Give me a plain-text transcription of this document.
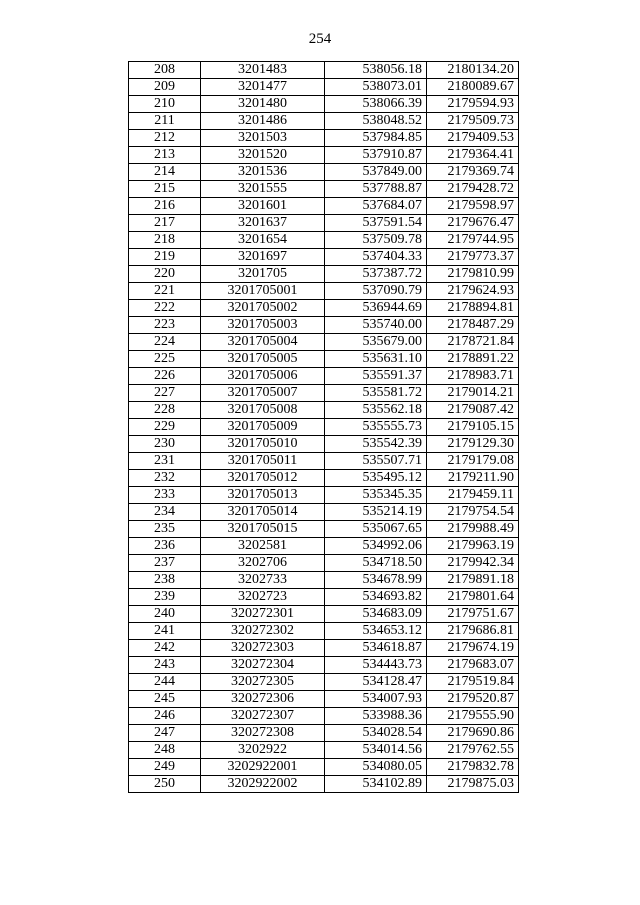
254
208	3201483	538056.18	2180134.20
209	3201477	538073.01	2180089.67
210	3201480	538066.39	2179594.93
211	3201486	538048.52	2179509.73
212	3201503	537984.85	2179409.53
213	3201520	537910.87	2179364.41
214	3201536	537849.00	2179369.74
215	3201555	537788.87	2179428.72
216	3201601	537684.07	2179598.97
217	3201637	537591.54	2179676.47
218	3201654	537509.78	2179744.95
219	3201697	537404.33	2179773.37
220	3201705	537387.72	2179810.99
221	3201705001	537090.79	2179624.93
222	3201705002	536944.69	2178894.81
223	3201705003	535740.00	2178487.29
224	3201705004	535679.00	2178721.84
225	3201705005	535631.10	2178891.22
226	3201705006	535591.37	2178983.71
227	3201705007	535581.72	2179014.21
228	3201705008	535562.18	2179087.42
229	3201705009	535555.73	2179105.15
230	3201705010	535542.39	2179129.30
231	3201705011	535507.71	2179179.08
232	3201705012	535495.12	2179211.90
233	3201705013	535345.35	2179459.11
234	3201705014	535214.19	2179754.54
235	3201705015	535067.65	2179988.49
236	3202581	534992.06	2179963.19
237	3202706	534718.50	2179942.34
238	3202733	534678.99	2179891.18
239	3202723	534693.82	2179801.64
240	320272301	534683.09	2179751.67
241	320272302	534653.12	2179686.81
242	320272303	534618.87	2179674.19
243	320272304	534443.73	2179683.07
244	320272305	534128.47	2179519.84
245	320272306	534007.93	2179520.87
246	320272307	533988.36	2179555.90
247	320272308	534028.54	2179690.86
248	3202922	534014.56	2179762.55
249	3202922001	534080.05	2179832.78
250	3202922002	534102.89	2179875.03
